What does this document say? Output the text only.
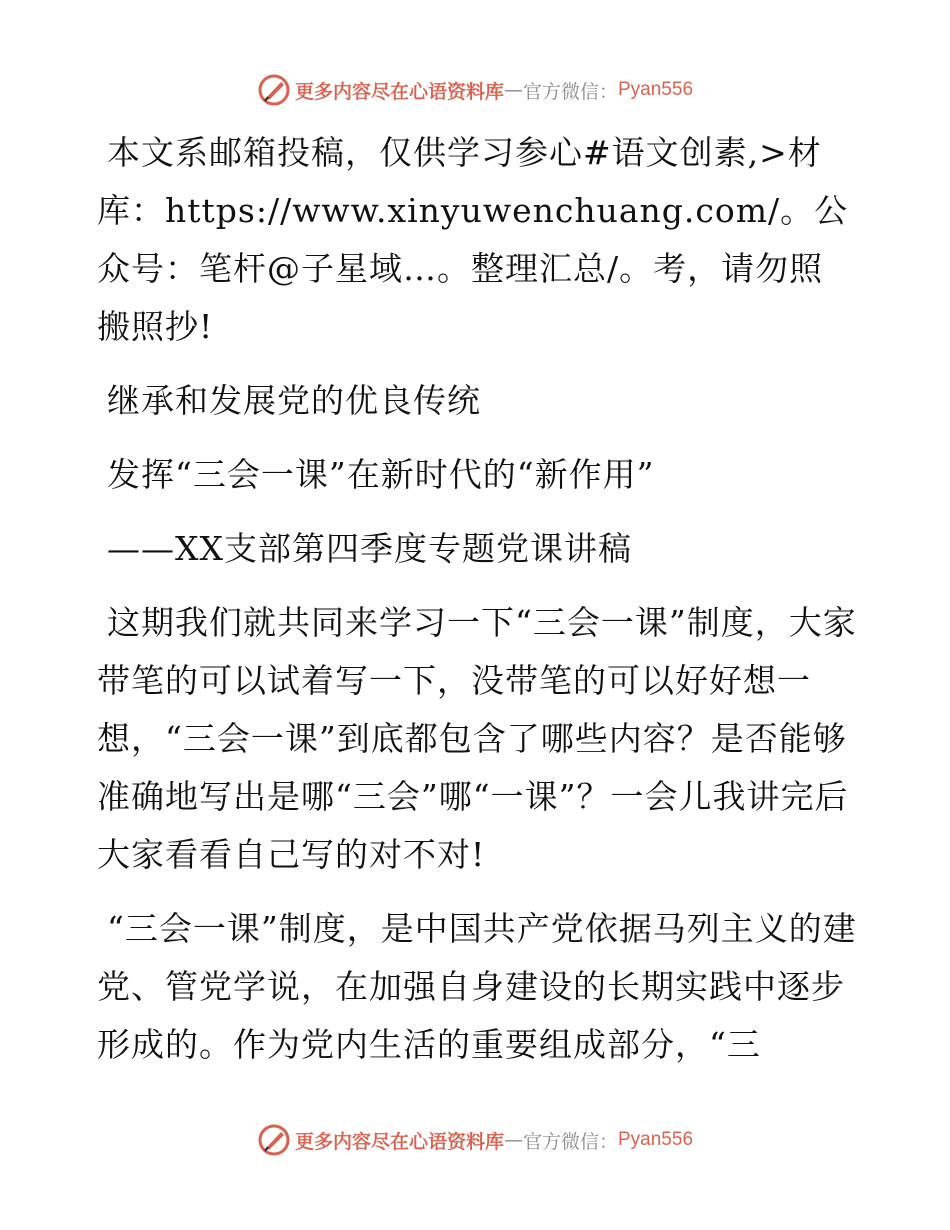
更多内容尽在心语资料库 — 官方微信： Pyan556

本文系邮箱投稿，仅供学习参心#语文创素,>材库：https://www.xinyuwenchuang.com/。公众号：笔杆@子星域…。整理汇总/。考，请勿照搬照抄!

继承和发展党的优良传统

发挥“三会一课”在新时代的“新作用”

——XX支部第四季度专题党课讲稿

这期我们就共同来学习一下“三会一课”制度，大家带笔的可以试着写一下，没带笔的可以好好想一想，“三会一课”到底都包含了哪些内容？是否能够准确地写出是哪“三会”哪“一课”？一会儿我讲完后大家看看自己写的对不对!

“三会一课”制度，是中国共产党依据马列主义的建党、管党学说，在加强自身建设的长期实践中逐步形成的。作为党内生活的重要组成部分，“三

更多内容尽在心语资料库 — 官方微信： Pyan556
